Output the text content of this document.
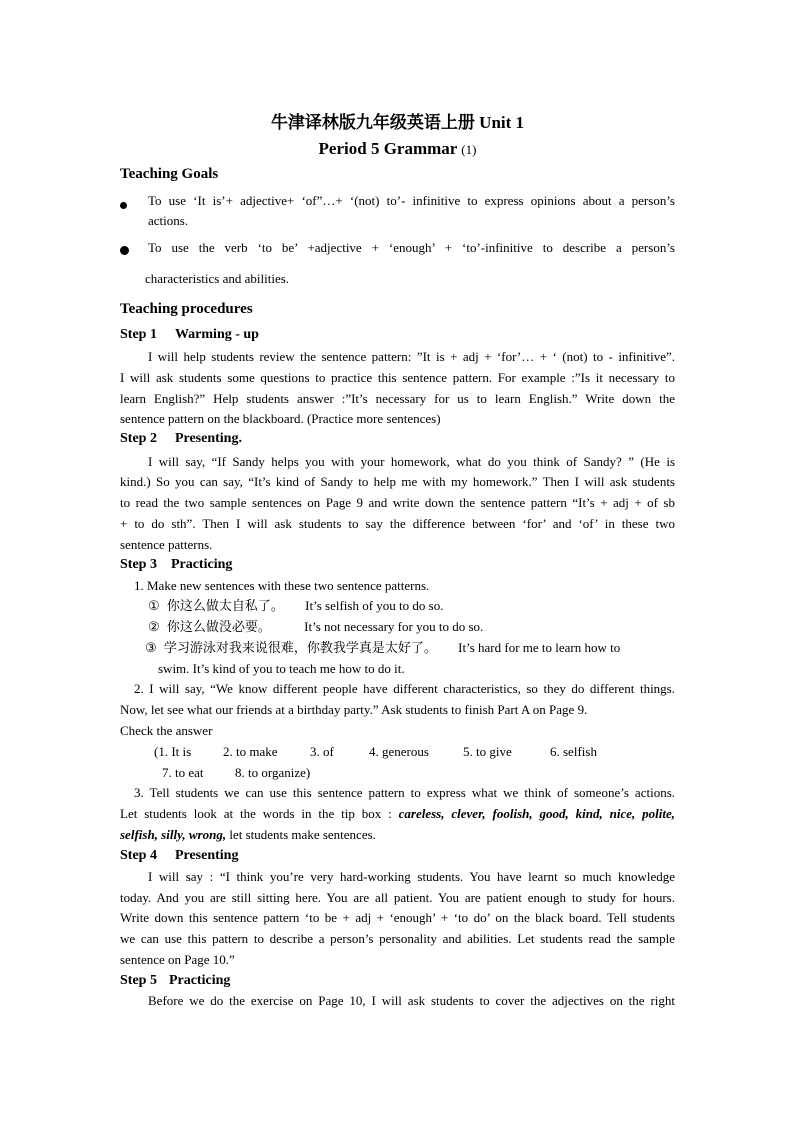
牛津译林版九年级英语上册 Unit 1
Period 5 Grammar (1)
Teaching Goals
To use ‘It is’+ adjective+ ‘of”…+ ‘(not) to’- infinitive to express opinions about a person’s
actions.
To use the verb ‘to be’ +adjective + ‘enough’ + ‘to’-infinitive to describe a person’s
characteristics and abilities.
Teaching procedures
Step 1 Warming - up
I will help students review the sentence pattern: ”It is + adj + ‘for’… + ‘ (not) to - infinitive”.
I will ask students some questions to practice this sentence pattern. For example :”Is it necessary to
learn English?” Help students answer :”It’s necessary for us to learn English.” Write down the
sentence pattern on the blackboard. (Practice more sentences)
Step 2 Presenting.
I will say, “If Sandy helps you with your homework, what do you think of Sandy? ” (He is
kind.) So you can say, “It’s kind of Sandy to help me with my homework.” Then I will ask students
to read the two sample sentences on Page 9 and write down the sentence pattern “It’s + adj + of sb
+ to do sth”. Then I will ask students to say the difference between ‘for’ and ‘of’ in these two
sentence patterns.
Step 3 Practicing
1. Make new sentences with these two sentence patterns.
① 你这么做太自私了。 It’s selfish of you to do so.
② 你这么做没必要。	It’s not necessary for you to do so.
③ 学习游泳对我来说很难，你教我学真是太好了。 It’s hard for me to learn how to
swim. It’s kind of you to teach me how to do it.
2. I will say, “We know different people have different characteristics, so they do different things.
Now, let see what our friends at a birthday party.” Ask students to finish Part A on Page 9.
Check the answer
(1. It is 2. to make 3. of	4. generous	5. to give	6. selfish
7. to eat 8. to organize)
3. Tell students we can use this sentence pattern to express what we think of someone’s actions.
Let students look at the words in the tip box : careless, clever, foolish, good, kind, nice, polite,
selfish, silly, wrong, let students make sentences.
Step 4 Presenting
I will say : “I think you’re very hard-working students. You have learnt so much knowledge
today. And you are still sitting here. You are all patient. You are patient enough to study for hours.
Write down this sentence pattern ‘to be + adj + ‘enough’ + ‘to do’ on the black board. Tell students
we can use this pattern to describe a person’s personality and abilities. Let students read the sample
sentence on Page 10.”
Step 5 Practicing
Before we do the exercise on Page 10, I will ask students to cover the adjectives on the right
